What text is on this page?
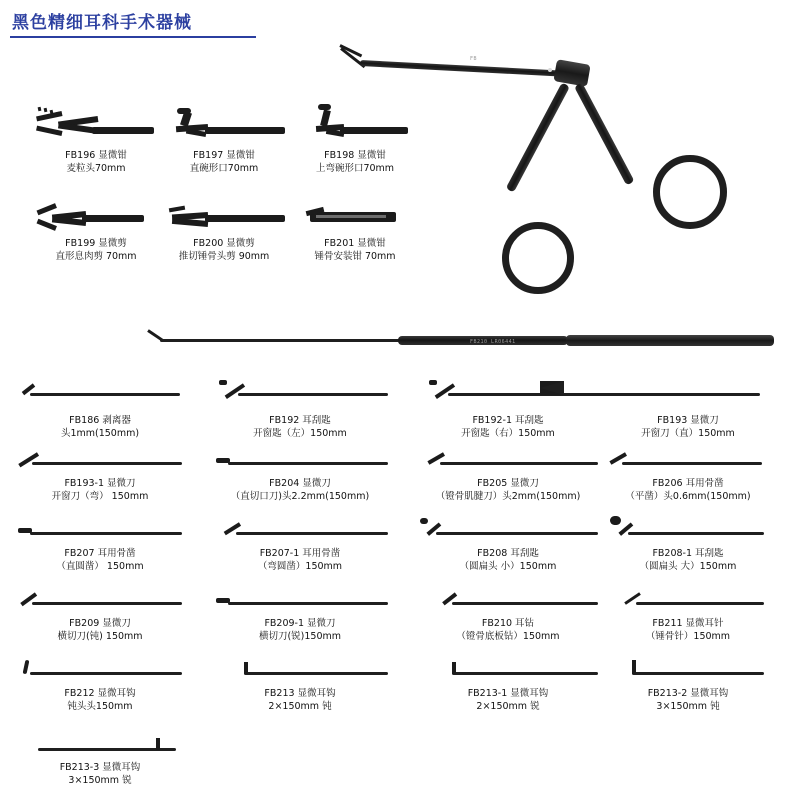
黑色精细耳科手术器械
FB196 显微钳
麦粒头70mm
FB197 显微钳
直碗形口70mm
FB198 显微钳
上弯碗形口70mm
FB199 显微剪
直形息肉剪 70mm
FB200 显微剪
推切锤骨头剪 90mm
FB201 显微钳
锤骨安装钳 70mm
FB
FB210 LR06441
FB186 剥离器
头1mm(150mm)
FB192 耳刮匙
开窗匙（左）150mm
FB192-1 耳刮匙
开窗匙（右）150mm
FB193 显微刀
开窗刀（直）150mm
FB193-1 显微刀
开窗刀（弯） 150mm
FB204 显微刀
（直切口刀)头2.2mm(150mm)
FB205 显微刀
（镫骨肌腱刀）头2mm(150mm)
FB206 耳用骨凿
（平凿）头0.6mm(150mm)
FB207 耳用骨凿
（直圆凿） 150mm
FB207-1 耳用骨凿
（弯圆凿）150mm
FB208 耳刮匙
（圆扁头 小）150mm
FB208-1 耳刮匙
（圆扁头 大）150mm
FB209 显微刀
横切刀(钝) 150mm
FB209-1 显微刀
横切刀(锐)150mm
FB210 耳钻
（镫骨底板钻）150mm
FB211 显微耳针
（锤骨针）150mm
FB212 显微耳钩
钝头头150mm
FB213 显微耳钩
2×150mm 钝
FB213-1 显微耳钩
2×150mm 锐
FB213-2 显微耳钩
3×150mm 钝
FB213-3 显微耳钩
3×150mm 锐
